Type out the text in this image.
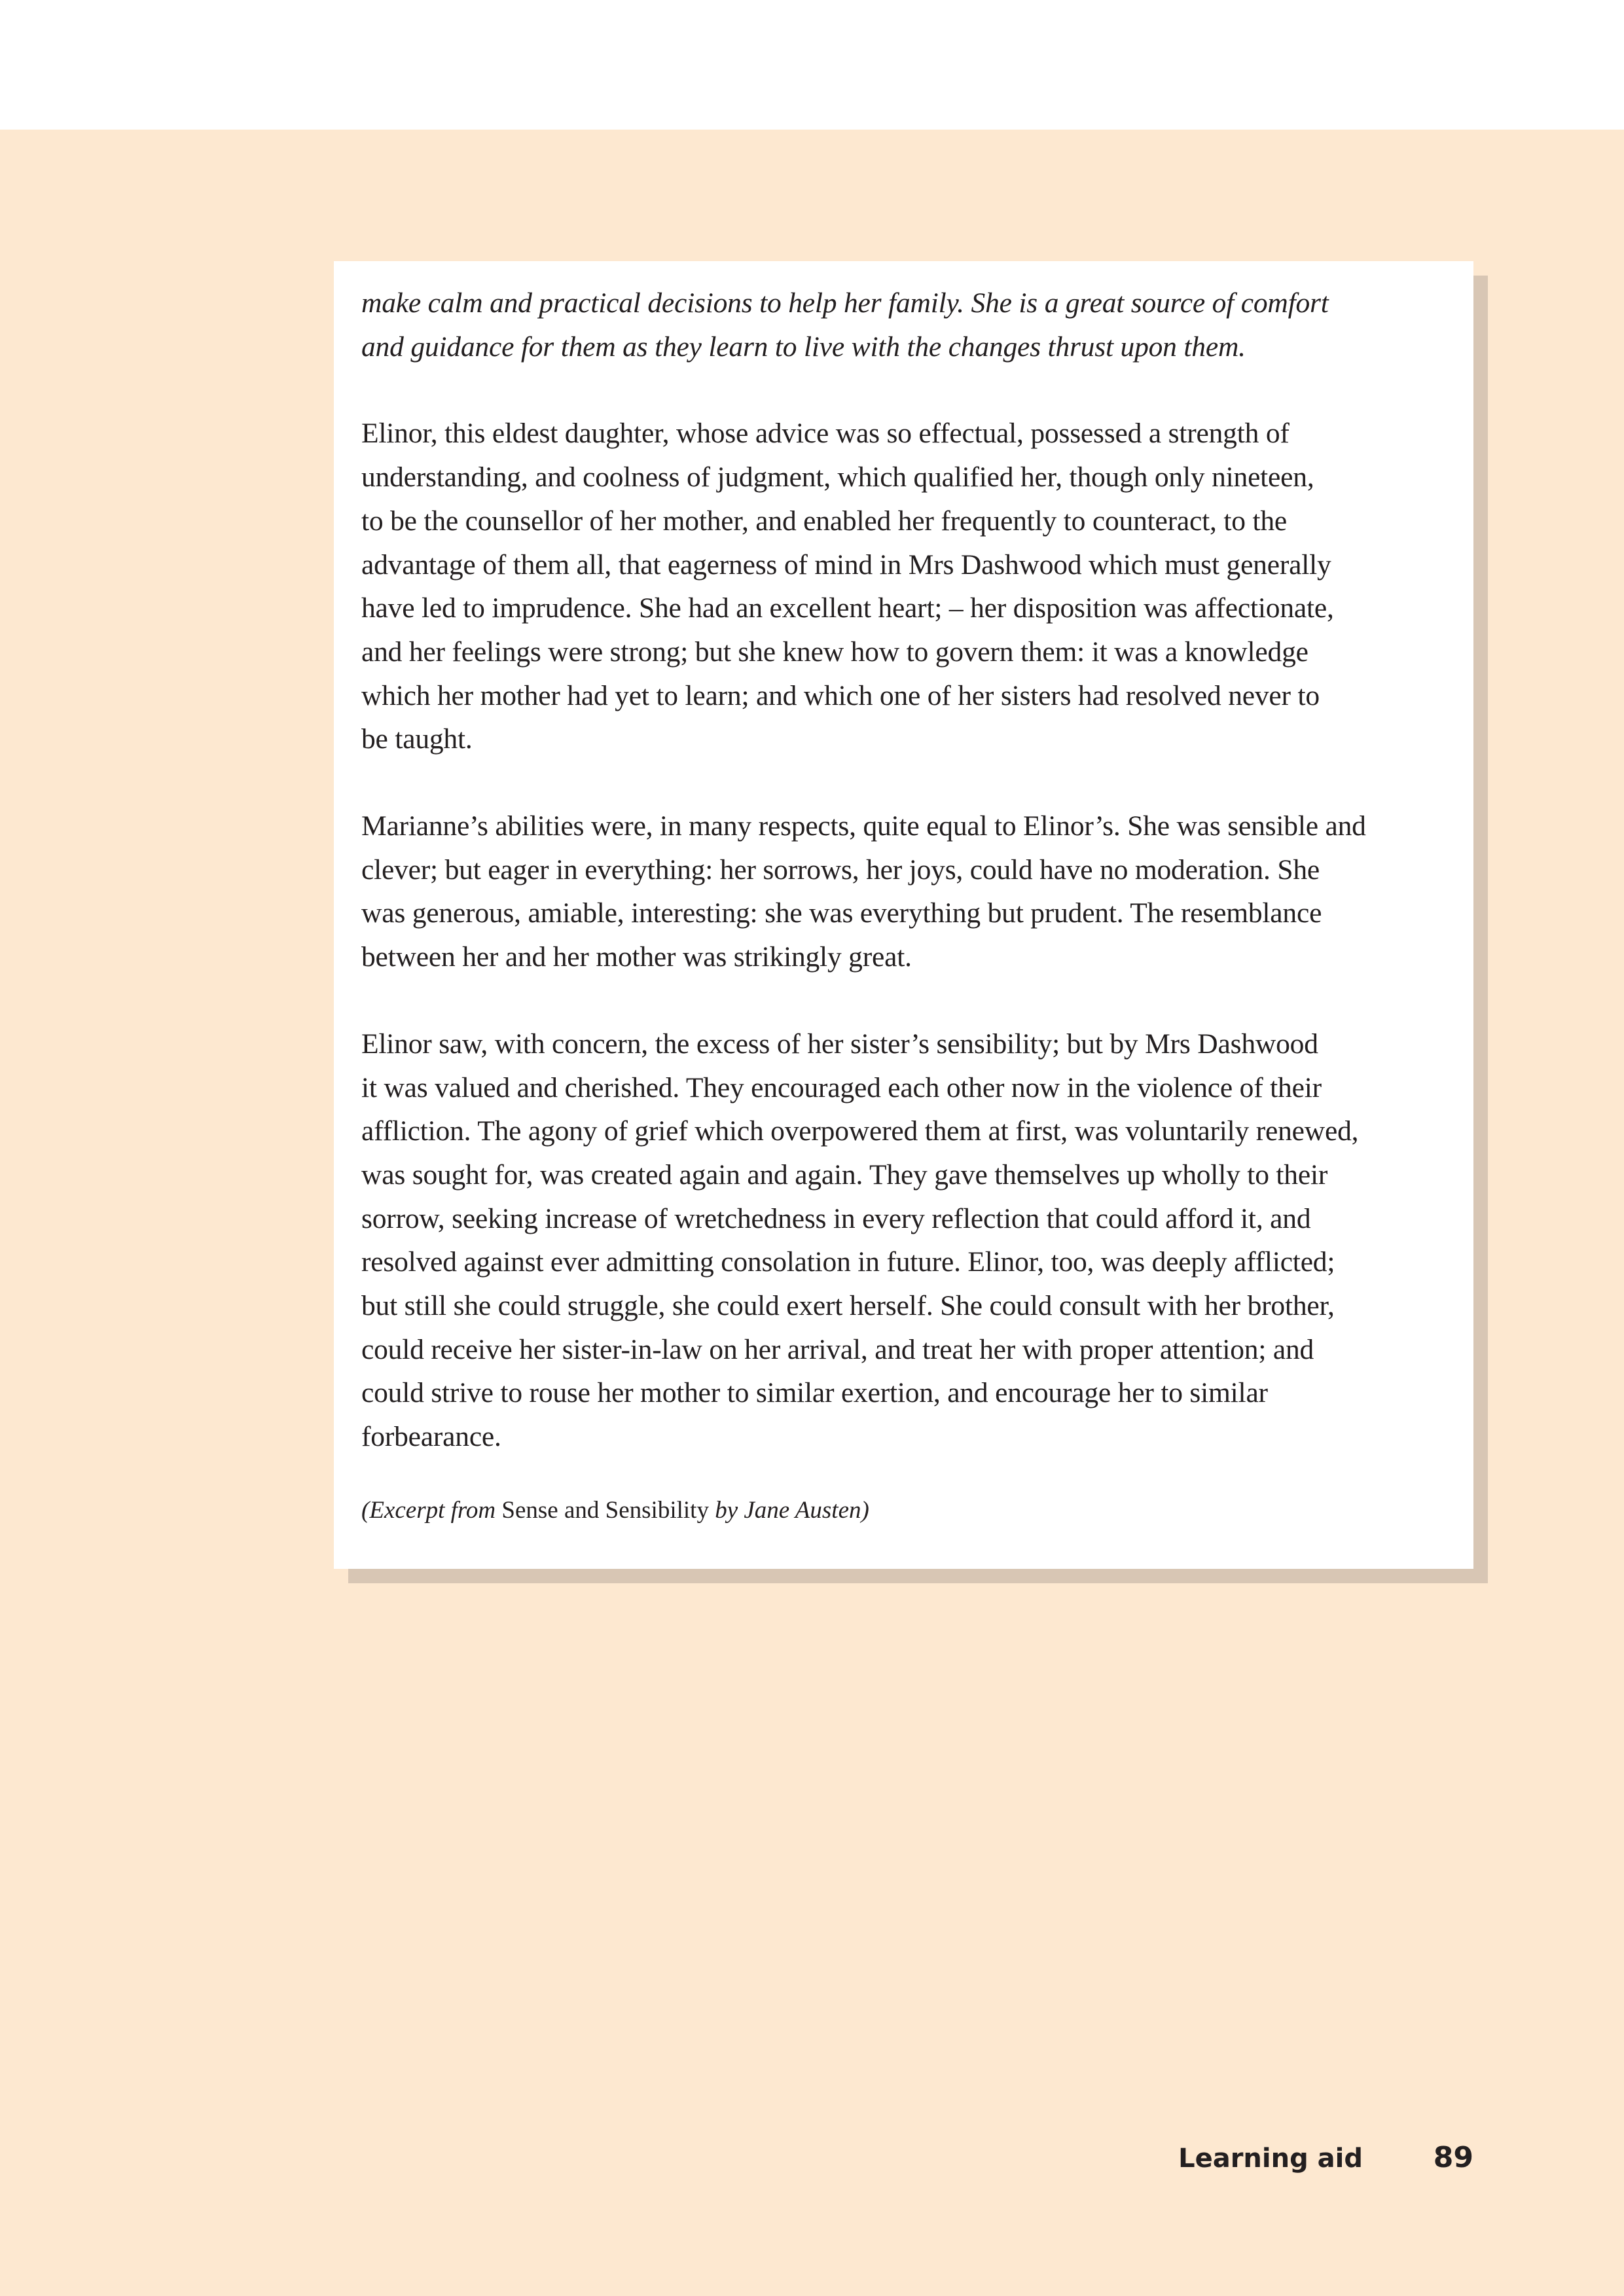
make calm and practical decisions to help her family. She is a great source of comfort
and guidance for them as they learn to live with the changes thrust upon them.

Elinor, this eldest daughter, whose advice was so effectual, possessed a strength of
understanding, and coolness of judgment, which qualified her, though only nineteen,
to be the counsellor of her mother, and enabled her frequently to counteract, to the
advantage of them all, that eagerness of mind in Mrs Dashwood which must generally
have led to imprudence. She had an excellent heart; – her disposition was affectionate,
and her feelings were strong; but she knew how to govern them: it was a knowledge
which her mother had yet to learn; and which one of her sisters had resolved never to
be taught.

Marianne’s abilities were, in many respects, quite equal to Elinor’s. She was sensible and
clever; but eager in everything: her sorrows, her joys, could have no moderation. She
was generous, amiable, interesting: she was everything but prudent. The resemblance
between her and her mother was strikingly great.

Elinor saw, with concern, the excess of her sister’s sensibility; but by Mrs Dashwood
it was valued and cherished. They encouraged each other now in the violence of their
affliction. The agony of grief which overpowered them at first, was voluntarily renewed,
was sought for, was created again and again. They gave themselves up wholly to their
sorrow, seeking increase of wretchedness in every reflection that could afford it, and
resolved against ever admitting consolation in future. Elinor, too, was deeply afflicted;
but still she could struggle, she could exert herself. She could consult with her brother,
could receive her sister-in-law on her arrival, and treat her with proper attention; and
could strive to rouse her mother to similar exertion, and encourage her to similar
forbearance.

(Excerpt from Sense and Sensibility by Jane Austen)

Learning aid	89
